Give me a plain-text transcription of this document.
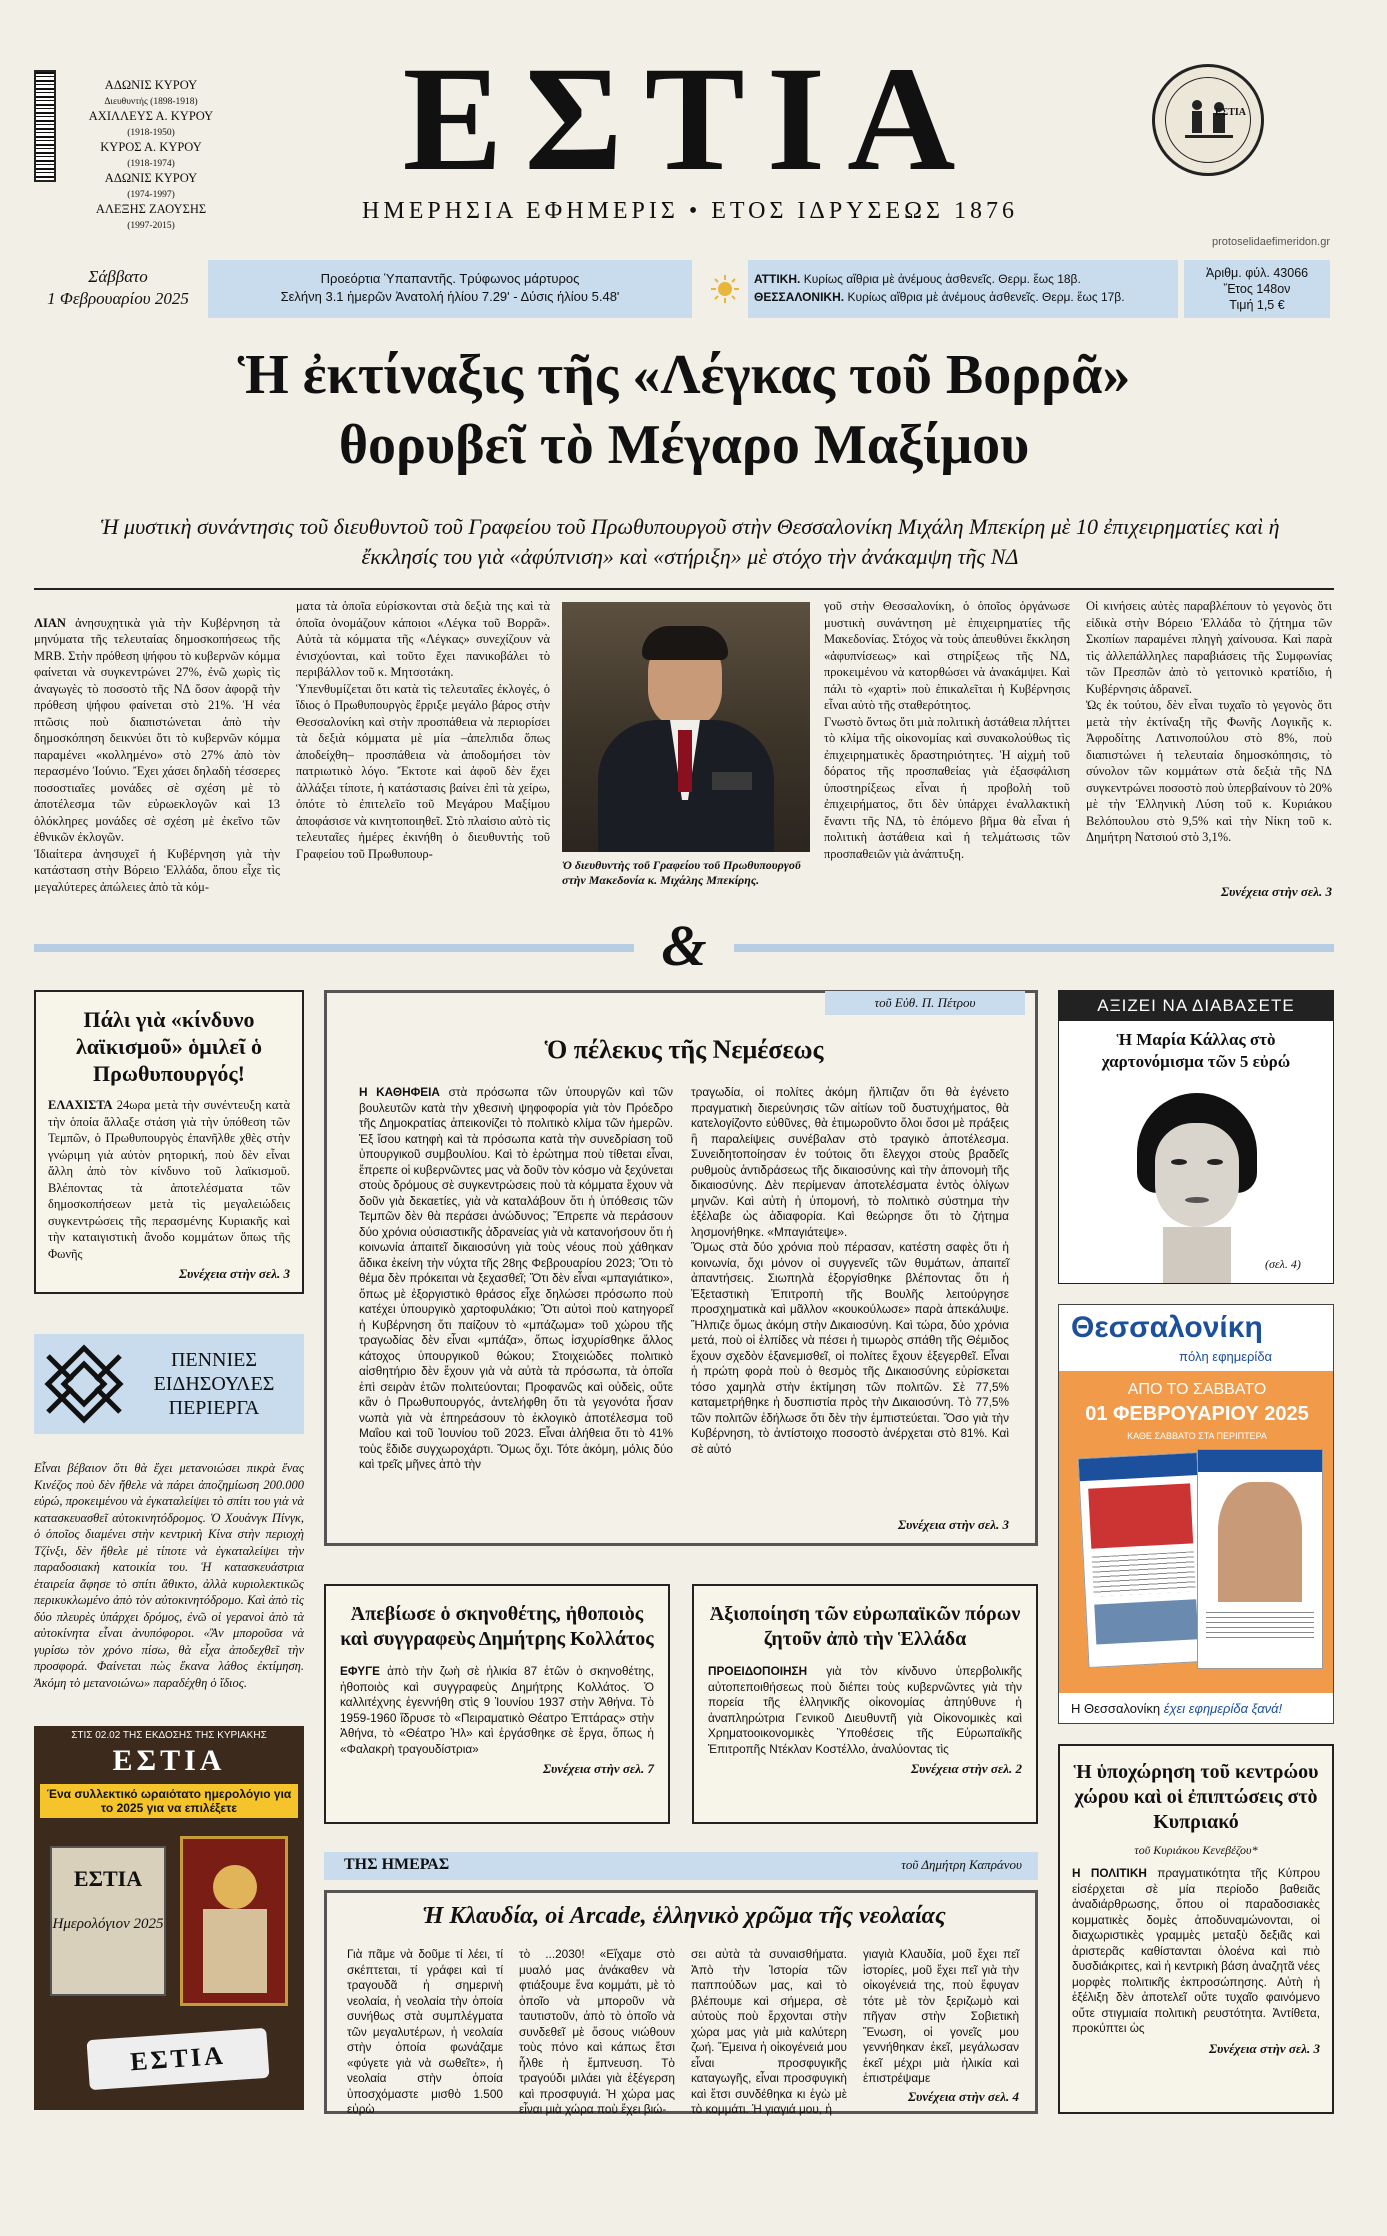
ΑΔΩΝΙΣ ΚΥΡΟΥ
Διευθυντής (1898-1918)
ΑΧΙΛΛΕΥΣ Α. ΚΥΡΟΥ
(1918-1950)
ΚΥΡΟΣ Α. ΚΥΡΟΥ
(1918-1974)
ΑΔΩΝΙΣ ΚΥΡΟΥ
(1974-1997)
ΑΛΕΞΗΣ ΖΑΟΥΣΗΣ
(1997-2015)
ΕΣΤΙΑ
ΗΜΕΡΗΣΙΑ ΕΦΗΜΕΡΙΣ • ΕΤΟΣ ΙΔΡΥΣΕΩΣ 1876
ΕΣΤΙΑ
protoselidaefimeridon.gr
Σάββατο
1 Φεβρουαρίου 2025
Προεόρτια Ὑπαπαντῆς. Τρύφωνος μάρτυρος
Σελήνη 3.1 ἡμερῶν Ἀνατολή ἡλίου 7.29' - Δύσις ἡλίου 5.48'
ΑΤΤΙΚΗ. Κυρίως αἴθρια μὲ ἀνέμους ἀσθενεῖς. Θερμ. ἕως 18β.
ΘΕΣΣΑΛΟΝΙΚΗ. Κυρίως αἴθρια μὲ ἀνέμους ἀσθενεῖς. Θερμ. ἕως 17β.
Ἀριθμ. φύλ. 43066
Ἔτος 148ον
Τιμή 1,5 €
Ἡ ἐκτίναξις τῆς «Λέγκας τοῦ Βορρᾶ»
θορυβεῖ τὸ Μέγαρο Μαξίμου
Ἡ μυστικὴ συνάντησις τοῦ διευθυντοῦ τοῦ Γραφείου τοῦ Πρωθυπουργοῦ στὴν Θεσσαλονίκη Μιχάλη Μπεκίρη μὲ 10 ἐπιχειρηματίες καὶ ἡ ἔκκλησίς του γιὰ «ἀφύπνιση» καὶ «στήριξη» μὲ στόχο τὴν ἀνάκαμψη τῆς ΝΔ

ΛΙΑΝ ἀνησυχητικὰ γιὰ τὴν Κυβέρνηση τὰ μηνύματα τῆς τελευταίας δημοσκοπήσεως τῆς MRB. Στὴν πρόθεση ψήφου τὸ κυβερνῶν κόμμα φαίνεται νὰ συγκεντρώνει 27%, ἐνῶ χωρὶς τὶς ἀναγωγὲς τὸ ποσοστὸ τῆς ΝΔ ὅσον ἀφορᾷ τὴν πρόθεση ψήφου φαίνεται στὸ 21%. Ἡ νέα πτῶσις ποὺ διαπιστώνεται ἀπὸ τὴν δημοσκόπηση δεικνύει ὅτι τὸ κυβερνῶν κόμμα παραμένει «κολλημένο» στὸ 27% ἀπὸ τὸν περασμένο Ἰούνιο. Ἔχει χάσει δηλαδὴ τέσσερες ποσοστιαῖες μονάδες σὲ σχέση μὲ τὸ ἀποτέλεσμα τῶν εὐρωεκλογῶν καὶ 13 ὁλόκληρες μονάδες σὲ σχέση μὲ ἐκεῖνο τῶν ἐθνικῶν ἐκλογῶν.
Ἰδιαίτερα ἀνησυχεῖ ἡ Κυβέρνηση γιὰ τὴν κατάσταση στὴν Βόρειο Ἑλλάδα, ὅπου εἶχε τὶς μεγαλύτερες ἀπώλειες ἀπὸ τὰ κόμ-

ματα τὰ ὁποῖα εὑρίσκονται στὰ δεξιὰ της καὶ τὰ ὁποῖα ὀνομάζουν κάποιοι «Λέγκα τοῦ Βορρᾶ». Αὐτὰ τὰ κόμματα τῆς «Λέγκας» συνεχίζουν νὰ ἐνισχύονται, καὶ τοῦτο ἔχει πανικοβάλει τὸ περιβάλλον τοῦ κ. Μητσοτάκη.
Ὑπενθυμίζεται ὅτι κατὰ τὶς τελευταῖες ἐκλογές, ὁ ἴδιος ὁ Πρωθυπουργὸς ἔρριξε μεγάλο βάρος στὴν Θεσσαλονίκη καὶ στὴν προσπάθεια νὰ περιορίσει τὰ δεξιὰ κόμματα μὲ μία –ἀπελπιδα ὅπως ἀποδείχθη– προσπάθεια νὰ ἀποδομήσει τὸν πατριωτικὸ λόγο. Ἔκτοτε καὶ ἀφοῦ δὲν ἔχει ἀλλάξει τίποτε, ἡ κατάστασις βαίνει ἐπὶ τὰ χείρω, ὁπότε τὸ ἐπιτελεῖο τοῦ Μεγάρου Μαξίμου ἀποφάσισε νὰ κινητοποιηθεῖ. Στὸ πλαίσιο αὐτὸ τὶς τελευταῖες ἡμέρες ἐκινήθη ὁ διευθυντὴς τοῦ Γραφείου τοῦ Πρωθυπουρ-

Ὁ διευθυντὴς τοῦ Γραφείου τοῦ Πρωθυπουργοῦ στὴν Μακεδονία κ. Μιχάλης Μπεκίρης.

γοῦ στὴν Θεσσαλονίκη, ὁ ὁποῖος ὀργάνωσε μυστικὴ συνάντηση μὲ ἐπιχειρηματίες τῆς Μακεδονίας. Στόχος νὰ τοὺς ἀπευθύνει ἔκκληση «ἀφυπνίσεως» καὶ στηρίξεως τῆς ΝΔ, προκειμένου νὰ κατορθώσει νὰ ἀνακάμψει. Καὶ πάλι τὸ «χαρτὶ» ποὺ ἐπικαλεῖται ἡ Κυβέρνησις εἶναι αὐτὸ τῆς σταθερότητος.
Γνωστὸ ὄντως ὅτι μιὰ πολιτικὴ ἀστάθεια πλήττει τὸ κλίμα τῆς οἰκονομίας καὶ συνακολούθως τὶς ἐπιχειρηματικὲς δραστηριότητες. Ἡ αἰχμὴ τοῦ δόρατος τῆς προσπαθείας γιὰ ἐξασφάλιση ὑποστηρίξεως εἶναι ἡ προβολὴ τοῦ ἐπιχειρήματος, ὅτι δὲν ὑπάρχει ἐναλλακτικὴ ἔναντι τῆς ΝΔ, τὸ ἑπόμενο βῆμα θὰ εἶναι ἡ πολιτικὴ ἀστάθεια καὶ ἡ τελμάτωσις τῶν προσπαθειῶν γιὰ ἀνάπτυξη.

Οἱ κινήσεις αὐτὲς παραβλέπουν τὸ γεγονὸς ὅτι εἰδικὰ στὴν Βόρειο Ἑλλάδα τὸ ζήτημα τῶν Σκοπίων παραμένει πληγὴ χαίνουσα. Καὶ παρὰ τὶς ἀλλεπάλληλες παραβιάσεις τῆς Συμφωνίας τῶν Πρεσπῶν ἀπὸ τὸ γειτονικὸ κρατίδιο, ἡ Κυβέρνησις ἀδρανεῖ.
Ὡς ἐκ τούτου, δὲν εἶναι τυχαῖο τὸ γεγονὸς ὅτι μετὰ τὴν ἐκτίναξη τῆς Φωνῆς Λογικῆς κ. Ἀφροδίτης Λατινοπούλου στὸ 8%, ποὺ διαπιστώνει ἡ τελευταία δημοσκόπησις, τὸ σύνολον τῶν κομμάτων στὰ δεξιὰ τῆς ΝΔ συγκεντρώνει ποσοστὸ ποὺ ὑπερβαίνουν τὸ 20% μὲ τὴν Ἑλληνικὴ Λύση τοῦ κ. Κυριάκου Βελόπουλου στὸ 9,5% καὶ τὴν Νίκη τοῦ κ. Δημήτρη Νατσιού στὸ 3,1%.

Συνέχεια στὴν σελ. 3
&
Πάλι γιὰ «κίνδυνο λαϊκισμοῦ» ὁμιλεῖ ὁ Πρωθυπουργός!

ΕΛΑΧΙΣΤΑ 24ωρα μετὰ τὴν συνέντευξη κατὰ τὴν ὁποία ἄλλαξε στάση γιὰ τὴν ὑπόθεση τῶν Τεμπῶν, ὁ Πρωθυπουργὸς ἐπανῆλθε χθὲς στὴν γνώριμη γιὰ αὐτὸν ρητορική, ποὺ δὲν εἶναι ἄλλη ἀπὸ τὸν κίνδυνο τοῦ λαϊκισμοῦ. Βλέποντας τὰ ἀποτελέσματα τῶν δημοσκοπήσεων μετὰ τὶς μεγαλειώδεις συγκεντρώσεις τῆς περασμένης Κυριακῆς καὶ τὴν καταιγιστικὴ ἄνοδο κομμάτων ὅπως τῆς Φωνῆς

Συνέχεια στὴν σελ. 3
ΠΕΝΝΙΕΣ ΕΙΔΗΣΟΥΛΕΣ ΠΕΡΙΕΡΓΑ

Εἶναι βέβαιον ὅτι θὰ ἔχει μετανοιώσει πικρὰ ἕνας Κινέζος ποὺ δὲν ἤθελε νὰ πάρει ἀποζημίωση 200.000 εὐρώ, προκειμένου νὰ ἐγκαταλείψει τὸ σπίτι του γιὰ νὰ κατασκευασθεῖ αὐτοκινητόδρομος. Ὁ Χουάνγκ Πίνγκ, ὁ ὁποῖος διαμένει στὴν κεντρικὴ Κίνα στὴν περιοχὴ Τζίνξι, δὲν ἤθελε μὲ τίποτε νὰ ἐγκαταλείψει τὴν παραδοσιακὴ κατοικία του. Ἡ κατασκευάστρια ἑταιρεία ἄφησε τὸ σπίτι ἄθικτο, ἀλλὰ κυριολεκτικῶς περικυκλωμένο ἀπὸ τὸν αὐτοκινητόδρομο. Καὶ ἀπὸ τὶς δύο πλευρὲς ὑπάρχει δρόμος, ἐνῶ οἱ γερανοὶ ἀπὸ τὰ αὐτοκίνητα εἶναι ἀνυπόφοροι. «Ἂν μποροῦσα νὰ γυρίσω τὸν χρόνο πίσω, θὰ εἶχα ἀποδεχθεῖ τὴν προσφορά. Φαίνεται πὼς ἔκανα λάθος ἐκτίμηση. Ἀκόμη τὸ μετανοιώνω» παραδέχθη ὁ ἴδιος.

ΣΤΙΣ 02.02 ΤΗΣ ΕΚΔΟΣΗΣ ΤΗΣ ΚΥΡΙΑΚΗΣ
ΕΣΤΙΑ
Ένα συλλεκτικό ωραιότατο ημερολόγιο για το 2025 για να επιλέξετε
ΕΣΤΙΑ
Ημερολόγιον 2025
ΕΣΤΙΑ
τοῦ Εὐθ. Π. Πέτρου
Ὁ πέλεκυς τῆς Νεμέσεως

Η ΚΑΘΗΦΕΙΑ στὰ πρόσωπα τῶν ὑπουργῶν καὶ τῶν βουλευτῶν κατὰ τὴν χθεσινὴ ψηφοφορία γιὰ τὸν Πρόεδρο τῆς Δημοκρατίας ἀπεικονίζει τὸ πολιτικὸ κλίμα τῶν ἡμερῶν. Ἐξ ἴσου κατηφὴ καὶ τὰ πρόσωπα κατὰ τὴν συνεδρίαση τοῦ ὑπουργικοῦ συμβουλίου. Καὶ τὸ ἐρώτημα ποὺ τίθεται εἶναι, ἔπρεπε οἱ κυβερνῶντες μας νὰ δοῦν τὸν κόσμο νὰ ξεχύνεται στοὺς δρόμους σὲ συγκεντρώσεις ποὺ τὰ κόμματα ἔχουν νὰ δοῦν γιὰ δεκαετίες, γιὰ νὰ καταλάβουν ὅτι ἡ ὑπόθεσις τῶν Τεμπῶν δὲν θὰ περάσει ἀνώδυνος; Ἔπρεπε νὰ περάσουν δύο χρόνια οὐσιαστικῆς ἀδρανείας γιὰ νὰ κατανοήσουν ὅτι ἡ κοινωνία ἀπαιτεῖ δικαιοσύνη γιὰ τοὺς νέους ποὺ χάθηκαν ἄδικα ἐκείνη τὴν νύχτα τῆς 28ης Φεβρουαρίου 2023; Ὅτι τὸ θέμα δὲν πρόκειται νὰ ξεχασθεῖ; Ὅτι δὲν εἶναι «μπαγιάτικο», ὅπως μὲ ἐξοργιστικὸ θράσος εἶχε δηλώσει πρόσωπο ποὺ κατέχει ὑπουργικὸ χαρτοφυλάκιο; Ὅτι αὐτοὶ ποὺ κατηγορεῖ ἡ Κυβέρνηση ὅτι παίζουν τὸ «μπάζωμα» τοῦ χώρου τῆς τραγωδίας δὲν εἶναι «μπάζα», ὅπως ἰσχυρίσθηκε ἄλλος κάτοχος ὑπουργικοῦ θώκου; Στοιχειώδες πολιτικὸ αἰσθητήριο δὲν ἔχουν γιὰ νὰ αὐτὰ τὰ πρόσωπα, τὰ ὁποῖα ἐπὶ σειρὰν ἐτῶν πολιτεύονται; Προφανῶς καὶ οὐδεὶς, οὔτε κἂν ὁ Πρωθυπουργός, ἀντελήφθη ὅτι τὰ γεγονότα ἦσαν νωπὰ γιὰ νὰ ἐπηρεάσουν τὸ ἐκλογικὸ ἀποτέλεσμα τοῦ Μαΐου καὶ τοῦ Ἰουνίου τοῦ 2023. Εἶναι ἀλήθεια ὅτι τὸ 41% τοὺς ἔδιδε συγχωροχάρτι. Ὅμως ὄχι. Τότε ἀκόμη, μόλις δύο καὶ τρεῖς μῆνες ἀπὸ τὴν

τραγωδία, οἱ πολίτες ἀκόμη ἤλπιζαν ὅτι θὰ ἐγένετο πραγματικὴ διερεύνησις τῶν αἰτίων τοῦ δυστυχήματος, θὰ κατελογίζοντο εὐθῦνες, θὰ ἐτιμωροῦντο ὅλοι ὅσοι μὲ πράξεις ἢ παραλείψεις συνέβαλαν στὸ τραγικὸ ἀποτέλεσμα. Συνειδητοποίησαν ἐν τούτοις ὅτι ἔλεγχοι στοὺς βραδεῖς ρυθμοὺς ἀντιδράσεως τῆς δικαιοσύνης καὶ τὴν ἀπονομὴ τῆς δικαιοσύνης. Δὲν περίμεναν ἀποτελέσματα ἐντὸς ὀλίγων μηνῶν. Καὶ αὐτὴ ἡ ὑπομονή, τὸ πολιτικὸ σύστημα τὴν ἐξέλαβε ὡς ἀδιαφορία. Καὶ θεώρησε ὅτι τὸ ζήτημα λησμονήθηκε. «Μπαγιάτεψε».
Ὅμως στὰ δύο χρόνια ποὺ πέρασαν, κατέστη σαφὲς ὅτι ἡ κοινωνία, ὄχι μόνον οἱ συγγενεῖς τῶν θυμάτων, ἀπαιτεῖ ἀπαντήσεις. Σιωπηλὰ ἐξοργίσθηκε βλέποντας ὅτι ἡ Ἐξεταστικὴ Ἐπιτροπὴ τῆς Βουλῆς λειτούργησε προσχηματικὰ καὶ μᾶλλον «κουκούλωσε» παρὰ ἀπεκάλυψε. Ἤλπιζε ὅμως ἀκόμη στὴν Δικαιοσύνη. Καὶ τώρα, δύο χρόνια μετά, ποὺ οἱ ἐλπίδες νὰ πέσει ἡ τιμωρὸς σπάθη τῆς Θέμιδος ἔχουν σχεδὸν ἐξανεμισθεῖ, οἱ πολίτες ἔχουν ἐξεγερθεῖ. Εἶναι ἡ πρώτη φορὰ ποὺ ὁ θεσμὸς τῆς Δικαιοσύνης εὑρίσκεται τόσο χαμηλὰ στὴν ἐκτίμηση τῶν πολιτῶν. Σὲ 77,5% καταμετρήθηκε ἡ δυσπιστία πρὸς τὴν Δικαιοσύνη. Τὸ 77,5% τῶν πολιτῶν ἐδήλωσε ὅτι δὲν τὴν ἐμπιστεύεται. Ὅσο γιὰ τὴν Κυβέρνηση, τὸ ἀντίστοιχο ποσοστὸ ἀνέρχεται στὸ 81%. Καὶ σὲ αὐτό

Συνέχεια στὴν σελ. 3
Ἀπεβίωσε ὁ σκηνοθέτης, ἠθοποιὸς καὶ συγγραφεὺς Δημήτρης Κολλάτος

ΕΦΥΓΕ ἀπὸ τὴν ζωὴ σὲ ἡλικία 87 ἐτῶν ὁ σκηνοθέτης, ἠθοποιὸς καὶ συγγραφεὺς Δημήτρης Κολλάτος. Ὁ καλλιτέχνης ἐγεννήθη στὶς 9 Ἰουνίου 1937 στὴν Ἀθήνα. Τὸ 1959-1960 ἵδρυσε τὸ «Πειραματικὸ Θέατρο Ἑπτάρας» στὴν Ἀθήνα, τὸ «Θέατρο Ἡλ» καὶ ἐργάσθηκε σὲ ἔργα, ὅπως ἡ «Φαλακρὴ τραγουδίστρια»

Συνέχεια στὴν σελ. 7
Ἀξιοποίηση τῶν εὐρωπαϊκῶν πόρων ζητοῦν ἀπὸ τὴν Ἑλλάδα

ΠΡΟΕΙΔΟΠΟΙΗΣΗ γιὰ τὸν κίνδυνο ὑπερβολικῆς αὐτοπεποιθήσεως ποὺ διέπει τοὺς κυβερνῶντες γιὰ τὴν πορεία τῆς ἑλληνικῆς οἰκονομίας ἀπηύθυνε ἡ ἀναπληρώτρια Γενικοῦ Διευθυντῆ γιὰ Οἰκονομικὲς καὶ Χρηματοοικονομικὲς Ὑποθέσεις τῆς Εὐρωπαϊκῆς Ἐπιτροπῆς Ντέκλαν Κοστέλλο, ἀναλύοντας τὶς

Συνέχεια στὴν σελ. 2
ΤΗΣ ΗΜΕΡΑΣ	τοῦ Δημήτρη Καπράνου
Ἡ Κλαυδία, οἱ Arcade, ἑλληνικὸ χρῶμα τῆς νεολαίας

Γιὰ πᾶμε νὰ δοῦμε τί λέει, τί σκέπτεται, τί γράφει καὶ τί τραγουδᾶ ἡ σημερινὴ νεολαία, ἡ νεολαία τὴν ὁποία συνήθως στὰ συμπλέγματα τῶν μεγαλυτέρων, ἡ νεολαία στὴν ὁποία φωνάζαμε «φύγετε γιὰ νὰ σωθεῖτε», ἡ νεολαία στὴν ὁποία ὑποσχόμαστε μισθὸ 1.500 εὐρὼ

τὸ ...2030! «Εἴχαμε στὸ μυαλό μας ἀνάκαθεν νὰ φτιάξουμε ἕνα κομμάτι, μὲ τὸ ὁποῖο νὰ μποροῦν νὰ ταυτιστοῦν, ἀπὸ τὸ ὁποῖο νὰ συνδεθεῖ μὲ ὅσους νιώθουν τοὺς πόνο καὶ κάπως ἔτσι ἦλθε ἡ ἔμπνευση. Τὸ τραγούδι μιλάει γιὰ ἐξέγερση καὶ προσφυγιά. Ἡ χώρα μας εἶναι μιὰ χώρα ποὺ ἔχει βιώ-

σει αὐτὰ τὰ συναισθήματα. Ἀπὸ τὴν Ἱστορία τῶν παππούδων μας, καὶ τὸ βλέπουμε καὶ σήμερα, σὲ αὐτοὺς ποὺ ἔρχονται στὴν χώρα μας γιὰ μιὰ καλύτερη ζωή. Ἔμεινα ἡ οἰκογένειά μου εἶναι προσφυγικῆς καταγωγῆς, εἶναι προσφυγικὴ καὶ ἔτσι συνδέθηκα κι ἐγὼ μὲ τὸ κομμάτι. Ἡ γιαγιά μου, ἡ

γιαγιὰ Κλαυδία, μοῦ ἔχει πεῖ ἱστορίες, μοῦ ἔχει πεῖ γιὰ τὴν οἰκογένειά της, ποὺ ἔφυγαν τότε μὲ τὸν ξεριζωμὸ καὶ πῆγαν στὴν Σοβιετικὴ Ἕνωση, οἱ γονεῖς μου γεννήθηκαν ἐκεῖ, μεγάλωσαν ἐκεῖ μέχρι μιὰ ἡλικία καὶ ἐπιστρέψαμε

Συνέχεια στὴν σελ. 4
ΑΞΙΖΕΙ ΝΑ ΔΙΑΒΑΣΕΤΕ
Ἡ Μαρία Κάλλας στὸ χαρτονόμισμα τῶν 5 εὐρώ
(σελ. 4)
Θεσσαλονίκη
πόλη εφημερίδα
ΑΠΟ ΤΟ ΣΑΒΒΑΤΟ
01 ΦΕΒΡΟΥΑΡΙΟΥ 2025
ΚΑΘΕ ΣΑΒΒΑΤΟ ΣΤΑ ΠΕΡΙΠΤΕΡΑ
Η Θεσσαλονίκη έχει εφημερίδα ξανά!
Ἡ ὑποχώρηση τοῦ κεντρώου χώρου καὶ οἱ ἐπιπτώσεις στὸ Κυπριακό
τοῦ Κυριάκου Κενεβέζου*

Η ΠΟΛΙΤΙΚΗ πραγματικότητα τῆς Κύπρου εἰσέρχεται σὲ μία περίοδο βαθειᾶς ἀναδιάρθρωσης, ὅπου οἱ παραδοσιακὲς κομματικὲς δομὲς ἀποδυναμώνονται, οἱ διαχωριστικὲς γραμμὲς μεταξὺ δεξιᾶς καὶ ἀριστερᾶς καθίστανται ὁλοένα καὶ πιὸ δυσδιάκριτες, καὶ ἡ κεντρικὴ βάση ἀναζητᾶ νέες μορφὲς πολιτικῆς ἐκπροσώπησης. Αὐτὴ ἡ ἐξέλιξη δὲν ἀποτελεῖ οὔτε τυχαῖο φαινόμενο οὔτε στιγμιαία πολιτικὴ ρευστότητα. Ἀντίθετα, προκύπτει ὡς

Συνέχεια στὴν σελ. 3
